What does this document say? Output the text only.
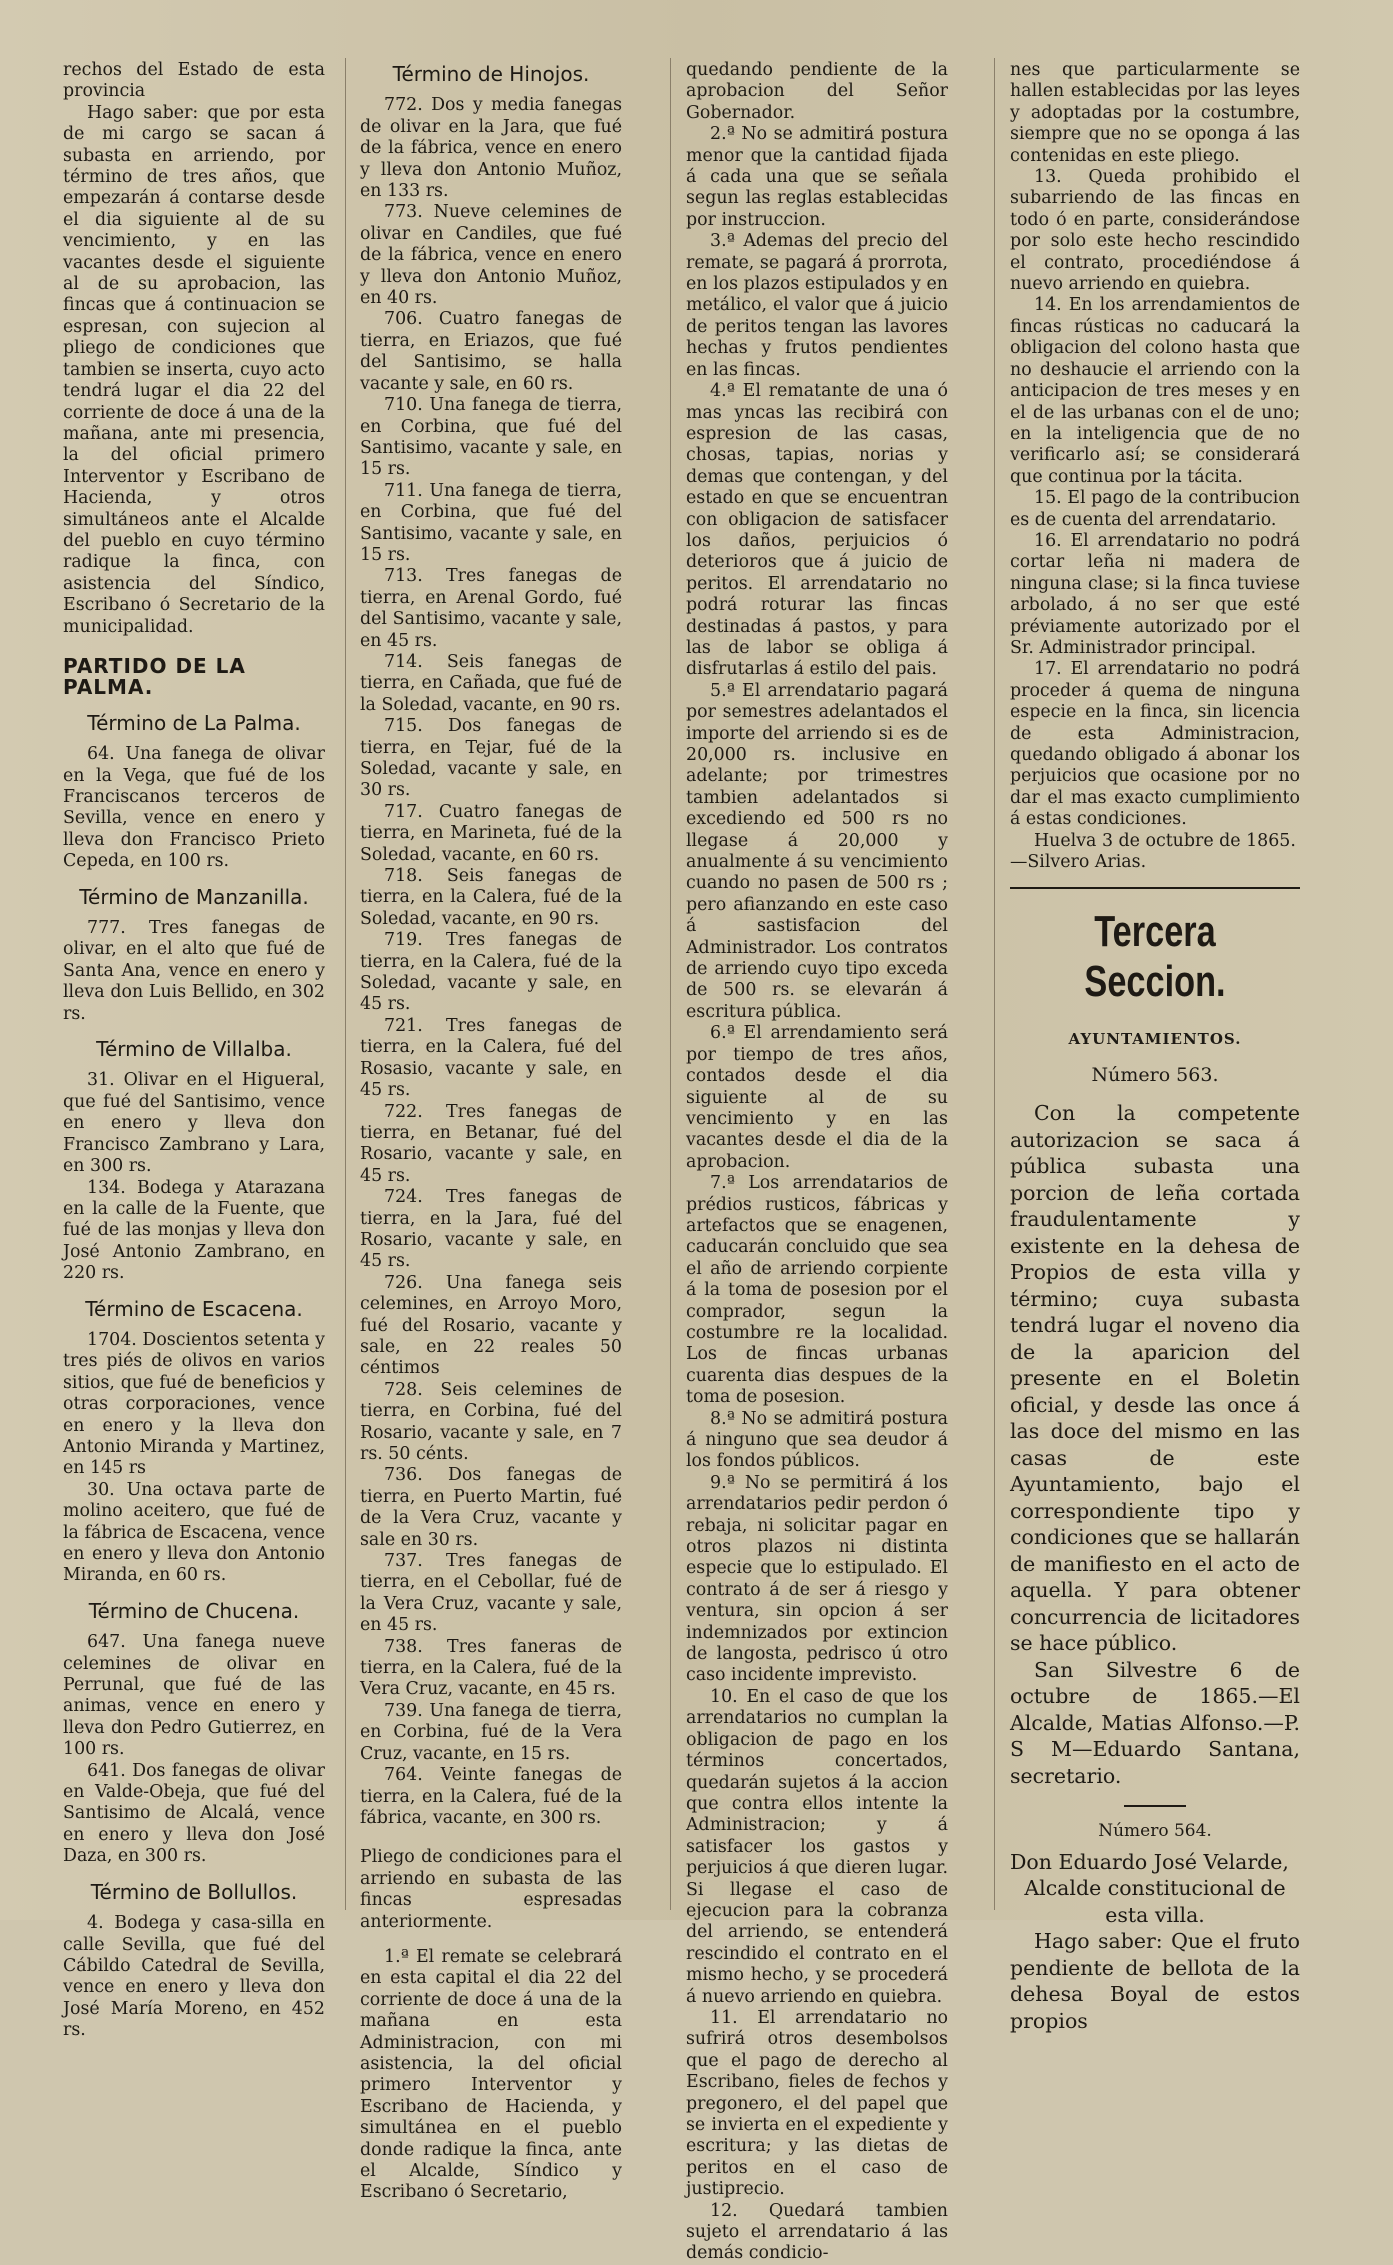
rechos del Estado de esta provincia

Hago saber: que por esta de mi cargo se sacan á subasta en arriendo, por término de tres años, que empezarán á contarse desde el dia siguiente al de su vencimiento, y en las vacantes desde el siguiente al de su aprobacion, las fincas que á continuacion se espresan, con sujecion al pliego de condiciones que tambien se inserta, cuyo acto tendrá lugar el dia 22 del corriente de doce á una de la mañana, ante mi presencia, la del oficial primero Interventor y Escribano de Hacienda, y otros simultáneos ante el Alcalde del pueblo en cuyo término radique la finca, con asistencia del Síndico, Escribano ó Secretario de la municipalidad.

PARTIDO DE LA PALMA.
Término de La Palma.

64. Una fanega de olivar en la Vega, que fué de los Franciscanos terceros de Sevilla, vence en enero y lleva don Francisco Prieto Cepeda, en 100 rs.

Término de Manzanilla.

777. Tres fanegas de olivar, en el alto que fué de Santa Ana, vence en enero y lleva don Luis Bellido, en 302 rs.

Término de Villalba.

31. Olivar en el Higueral, que fué del Santisimo, vence en enero y lleva don Francisco Zambrano y Lara, en 300 rs.

134. Bodega y Atarazana en la calle de la Fuente, que fué de las monjas y lleva don José Antonio Zambrano, en 220 rs.

Término de Escacena.

1704. Doscientos setenta y tres piés de olivos en varios sitios, que fué de beneficios y otras corporaciones, vence en enero y la lleva don Antonio Miranda y Martinez, en 145 rs

30. Una octava parte de molino aceitero, que fué de la fábrica de Escacena, vence en enero y lleva don Antonio Miranda, en 60 rs.

Término de Chucena.

647. Una fanega nueve celemines de olivar en Perrunal, que fué de las animas, vence en enero y lleva don Pedro Gutierrez, en 100 rs.

641. Dos fanegas de olivar en Valde-Obeja, que fué del Santisimo de Alcalá, vence en enero y lleva don José Daza, en 300 rs.

Término de Bollullos.

4. Bodega y casa-silla en calle Sevilla, que fué del Cábildo Catedral de Sevilla, vence en enero y lleva don José María Moreno, en 452 rs.

Término de Hinojos.

772. Dos y media fanegas de olivar en la Jara, que fué de la fábrica, vence en enero y lleva don Antonio Muñoz, en 133 rs.

773. Nueve celemines de olivar en Candiles, que fué de la fábrica, vence en enero y lleva don Antonio Muñoz, en 40 rs.

706. Cuatro fanegas de tierra, en Eriazos, que fué del Santisimo, se halla vacante y sale, en 60 rs.

710. Una fanega de tierra, en Corbina, que fué del Santisimo, vacante y sale, en 15 rs.

711. Una fanega de tierra, en Corbina, que fué del Santisimo, vacante y sale, en 15 rs.

713. Tres fanegas de tierra, en Arenal Gordo, fué del Santisimo, vacante y sale, en 45 rs.

714. Seis fanegas de tierra, en Cañada, que fué de la Soledad, vacante, en 90 rs.

715. Dos fanegas de tierra, en Tejar, fué de la Soledad, vacante y sale, en 30 rs.

717. Cuatro fanegas de tierra, en Marineta, fué de la Soledad, vacante, en 60 rs.

718. Seis fanegas de tierra, en la Calera, fué de la Soledad, vacante, en 90 rs.

719. Tres fanegas de tierra, en la Calera, fué de la Soledad, vacante y sale, en 45 rs.

721. Tres fanegas de tierra, en la Calera, fué del Rosasio, vacante y sale, en 45 rs.

722. Tres fanegas de tierra, en Betanar, fué del Rosario, vacante y sale, en 45 rs.

724. Tres fanegas de tierra, en la Jara, fué del Rosario, vacante y sale, en 45 rs.

726. Una fanega seis celemines, en Arroyo Moro, fué del Rosario, vacante y sale, en 22 reales 50 céntimos

728. Seis celemines de tierra, en Corbina, fué del Rosario, vacante y sale, en 7 rs. 50 cénts.

736. Dos fanegas de tierra, en Puerto Martin, fué de la Vera Cruz, vacante y sale en 30 rs.

737. Tres fanegas de tierra, en el Cebollar, fué de la Vera Cruz, vacante y sale, en 45 rs.

738. Tres faneras de tierra, en la Calera, fué de la Vera Cruz, vacante, en 45 rs.

739. Una fanega de tierra, en Corbina, fué de la Vera Cruz, vacante, en 15 rs.

764. Veinte fanegas de tierra, en la Calera, fué de la fábrica, vacante, en 300 rs.

Pliego de condiciones para el arriendo en subasta de las fincas espresadas anteriormente.

1.ª El remate se celebrará en esta capital el dia 22 del corriente de doce á una de la mañana en esta Administracion, con mi asistencia, la del oficial primero Interventor y Escribano de Hacienda, y simultánea en el pueblo donde radique la finca, ante el Alcalde, Síndico y Escribano ó Secretario,

quedando pendiente de la aprobacion del Señor Gobernador.

2.ª No se admitirá postura menor que la cantidad fijada á cada una que se señala segun las reglas establecidas por instruccion.

3.ª Ademas del precio del remate, se pagará á prorrota, en los plazos estipulados y en metálico, el valor que á juicio de peritos tengan las lavores hechas y frutos pendientes en las fincas.

4.ª El rematante de una ó mas yncas las recibirá con espresion de las casas, chosas, tapias, norias y demas que contengan, y del estado en que se encuentran con obligacion de satisfacer los daños, perjuicios ó deterioros que á juicio de peritos. El arrendatario no podrá roturar las fincas destinadas á pastos, y para las de labor se obliga á disfrutarlas á estilo del pais.

5.ª El arrendatario pagará por semestres adelantados el importe del arriendo si es de 20,000 rs. inclusive en adelante; por trimestres tambien adelantados si excediendo ed 500 rs no llegase á 20,000 y anualmente á su vencimiento cuando no pasen de 500 rs ; pero afianzando en este caso á sastisfacion del Administrador. Los contratos de arriendo cuyo tipo exceda de 500 rs. se elevarán á escritura pública.

6.ª El arrendamiento será por tiempo de tres años, contados desde el dia siguiente al de su vencimiento y en las vacantes desde el dia de la aprobacion.

7.ª Los arrendatarios de prédios rusticos, fábricas y artefactos que se enagenen, caducarán concluido que sea el año de arriendo corpiente á la toma de posesion por el comprador, segun la costumbre re la localidad. Los de fincas urbanas cuarenta dias despues de la toma de posesion.

8.ª No se admitirá postura á ninguno que sea deudor á los fondos públicos.

9.ª No se permitirá á los arrendatarios pedir perdon ó rebaja, ni solicitar pagar en otros plazos ni distinta especie que lo estipulado. El contrato á de ser á riesgo y ventura, sin opcion á ser indemnizados por extincion de langosta, pedrisco ú otro caso incidente imprevisto.

10. En el caso de que los arrendatarios no cumplan la obligacion de pago en los términos concertados, quedarán sujetos á la accion que contra ellos intente la Administracion; y á satisfacer los gastos y perjuicios á que dieren lugar. Si llegase el caso de ejecucion para la cobranza del arriendo, se entenderá rescindido el contrato en el mismo hecho, y se procederá á nuevo arriendo en quiebra.

11. El arrendatario no sufrirá otros desembolsos que el pago de derecho al Escribano, fieles de fechos y pregonero, el del papel que se invierta en el expediente y escritura; y las dietas de peritos en el caso de justiprecio.

12. Quedará tambien sujeto el arrendatario á las demás condicio-

nes que particularmente se hallen establecidas por las leyes y adoptadas por la costumbre, siempre que no se oponga á las contenidas en este pliego.

13. Queda prohibido el subarriendo de las fincas en todo ó en parte, considerándose por solo este hecho rescindido el contrato, procediéndose á nuevo arriendo en quiebra.

14. En los arrendamientos de fincas rústicas no caducará la obligacion del colono hasta que no deshaucie el arriendo con la anticipacion de tres meses y en el de las urbanas con el de uno; en la inteligencia que de no verificarlo así; se considerará que continua por la tácita.

15. El pago de la contribucion es de cuenta del arrendatario.

16. El arrendatario no podrá cortar leña ni madera de ninguna clase; si la finca tuviese arbolado, á no ser que esté préviamente autorizado por el Sr. Administrador principal.

17. El arrendatario no podrá proceder á quema de ninguna especie en la finca, sin licencia de esta Administracion, quedando obligado á abonar los perjuicios que ocasione por no dar el mas exacto cumplimiento á estas condiciones.

Huelva 3 de octubre de 1865.

—Silvero Arias.

Tercera Seccion.
AYUNTAMIENTOS.
Número 563.

Con la competente autorizacion se saca á pública subasta una porcion de leña cortada fraudulentamente y existente en la dehesa de Propios de esta villa y término; cuya subasta tendrá lugar el noveno dia de la aparicion del presente en el Boletin oficial, y desde las once á las doce del mismo en las casas de este Ayuntamiento, bajo el correspondiente tipo y condiciones que se hallarán de manifiesto en el acto de aquella. Y para obtener concurrencia de licitadores se hace público.

San Silvestre 6 de octubre de 1865.—El Alcalde, Matias Alfonso.—P. S M—Eduardo Santana, secretario.

Número 564.

Don Eduardo José Velarde,

Alcalde constitucional de esta villa.

Hago saber: Que el fruto pendiente de bellota de la dehesa Boyal de estos propios
